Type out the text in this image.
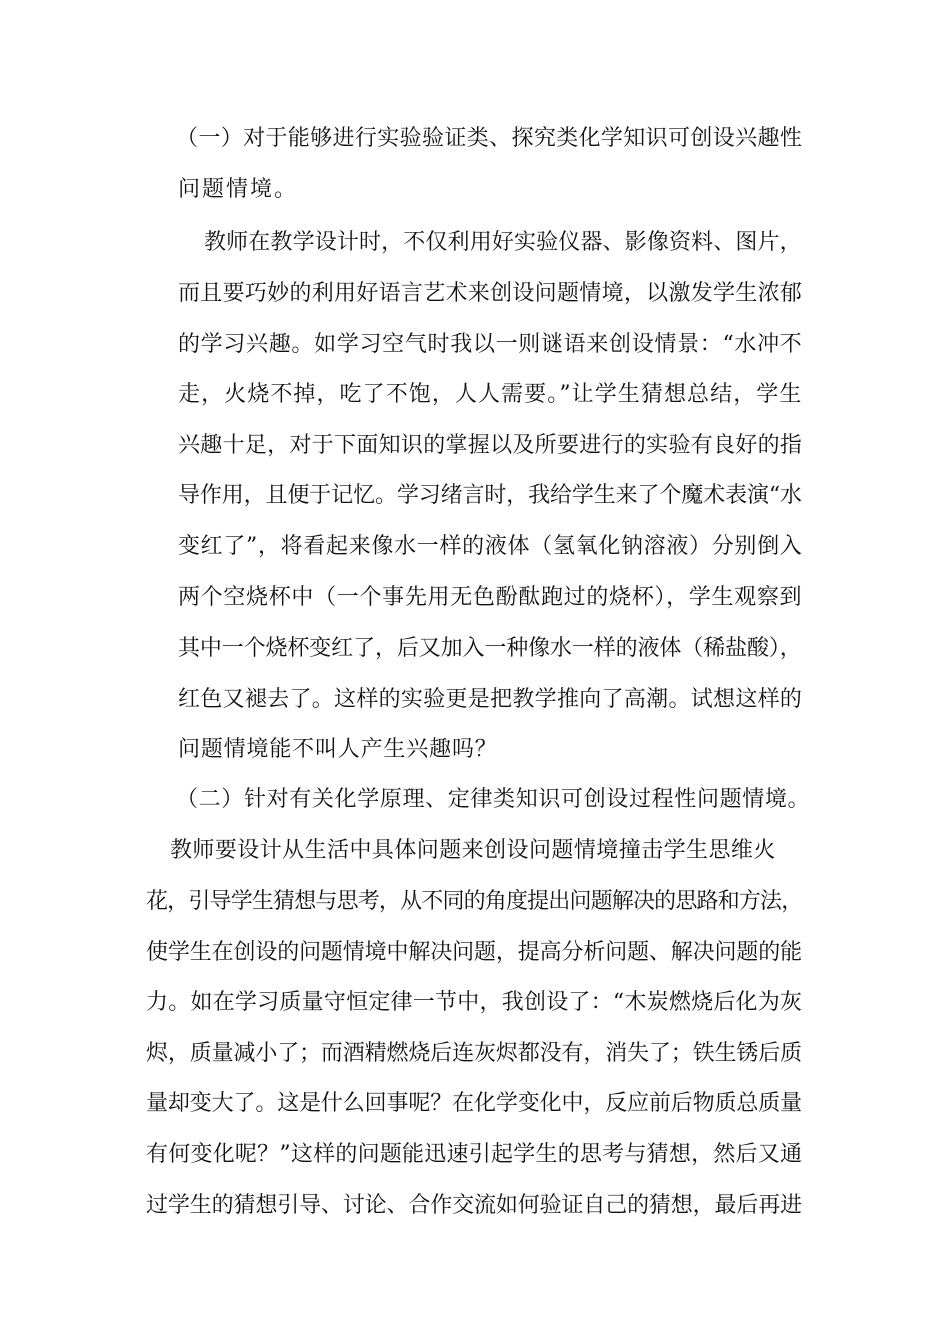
（一）对于能够进行实验验证类、探究类化学知识可创设兴趣性

问题情境。

教师在教学设计时，不仅利用好实验仪器、影像资料、图片，

而且要巧妙的利用好语言艺术来创设问题情境，以激发学生浓郁

的学习兴趣。如学习空气时我以一则谜语来创设情景：“水冲不

走，火烧不掉，吃了不饱，人人需要。”让学生猜想总结，学生

兴趣十足，对于下面知识的掌握以及所要进行的实验有良好的指

导作用，且便于记忆。学习绪言时，我给学生来了个魔术表演“水

变红了”，将看起来像水一样的液体（氢氧化钠溶液）分别倒入

两个空烧杯中（一个事先用无色酚酞跑过的烧杯），学生观察到

其中一个烧杯变红了，后又加入一种像水一样的液体（稀盐酸），

红色又褪去了。这样的实验更是把教学推向了高潮。试想这样的

问题情境能不叫人产生兴趣吗？

（二）针对有关化学原理、定律类知识可创设过程性问题情境。

教师要设计从生活中具体问题来创设问题情境撞击学生思维火

花，引导学生猜想与思考，从不同的角度提出问题解决的思路和方法，

使学生在创设的问题情境中解决问题，提高分析问题、解决问题的能

力。如在学习质量守恒定律一节中，我创设了：“木炭燃烧后化为灰

烬，质量减小了；而酒精燃烧后连灰烬都没有，消失了；铁生锈后质

量却变大了。这是什么回事呢？在化学变化中，反应前后物质总质量

有何变化呢？”这样的问题能迅速引起学生的思考与猜想，然后又通

过学生的猜想引导、讨论、合作交流如何验证自己的猜想，最后再进
